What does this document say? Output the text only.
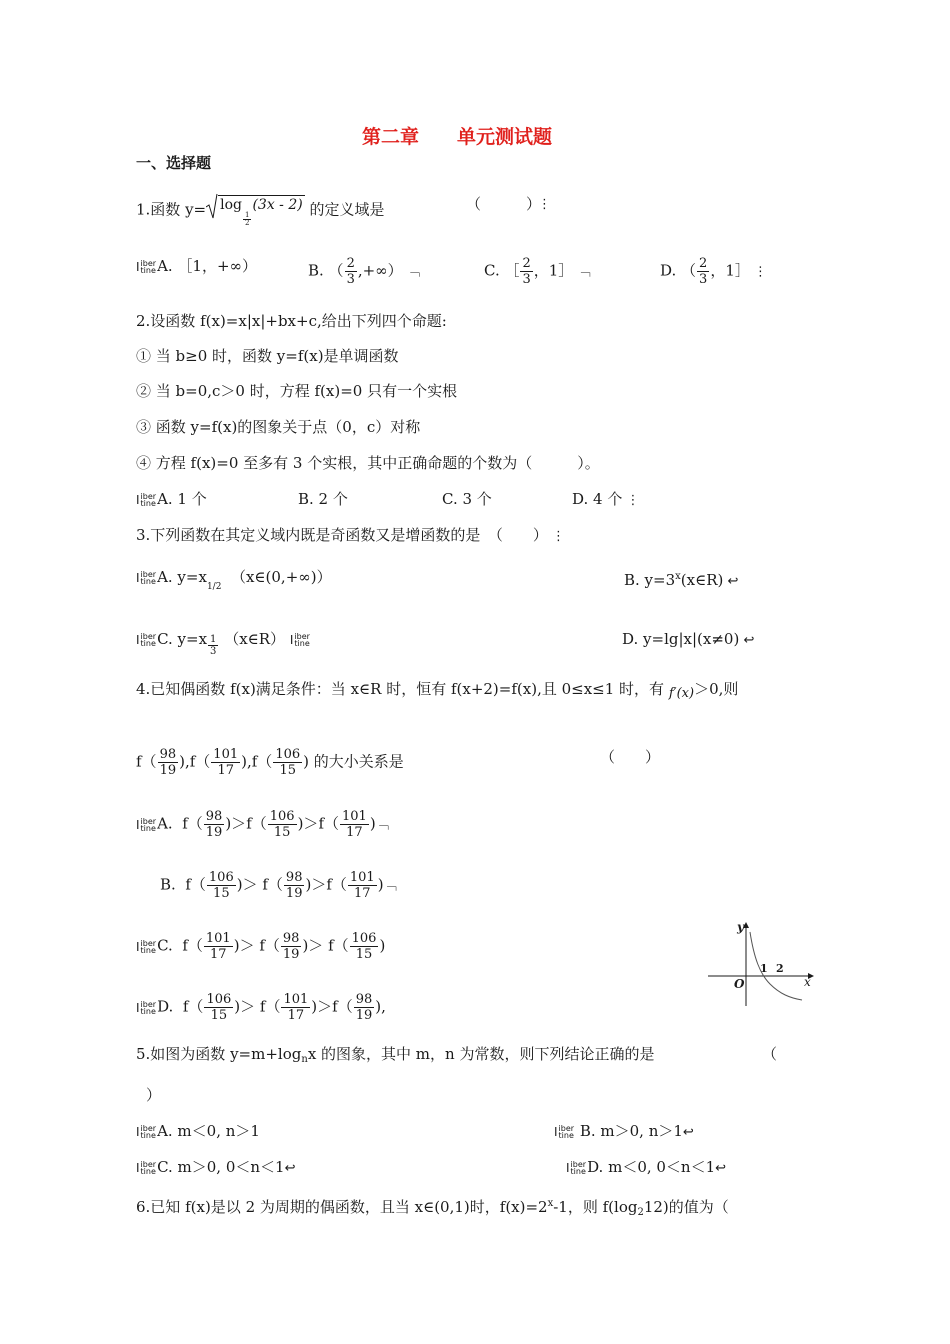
第二章　　单元测试题
一、选择题
1.函数 y= log
$\frac{1}{2}$
(3x - 2) 的定义域是	（　　　）
⋮
I iber
tine A. ［1，+∞）	B. （ $\frac{2}{3}$ ,+∞） ﹁	C. ［ $\frac{2}{3}$ ，1］ ﹁	D. （ $\frac{2}{3}$ ，1］ ⋮
2.设函数 f(x)=x|x|+bx+c,给出下列四个命题:
① 当 b≥0 时，函数 y=f(x)是单调函数
② 当 b=0,c＞0 时，方程 f(x)=0 只有一个实根
③ 函数 y=f(x)的图象关于点（0，c）对称
④ 方程 f(x)=0 至多有 3 个实根，其中正确命题的个数为（　　　）。
I iber
tine A. 1 个	B. 2 个	C. 3 个	D. 4 个 ⋮
3.下列函数在其定义域内既是奇函数又是增函数的是　（　　） ⋮
I iber
tine A. $y=x_{1/2}$  （x∈(0,+∞)）	B. $y=3^x(x\in R)$ ↩
I iber
tine C. $y=x \frac{1}{3}$ （x∈R） I iber
tine	D. y=lg|x|(x≠0) ↩
4.已知偶函数 f(x)满足条件：当 x∈R 时，恒有 f(x+2)=f(x),且 0≤x≤1 时，有 f′(x)＞0,则
$f( \frac{98}{19} ),f( \frac{101}{17} ),f( \frac{106}{15}$ ) 的大小关系是	（　　）
I iber
tine A. $f( \frac{98}{19} )>f( \frac{106}{15} )>f( \frac{101}{17}$ )﹁
B. $f( \frac{106}{15}$ )＞ $f( \frac{98}{19} )>f( \frac{101}{17}$ )﹁
I iber
tine C. $f( \frac{101}{17}$ )＞ $f( \frac{98}{19}$ )＞ $f( \frac{106}{15}$ )
I iber
tine D. $f( \frac{106}{15}$ )＞ $f( \frac{101}{17} )>f( \frac{98}{19}$ ),
y
x
O
1 2
5.如图为函数 $y=m+\log_nx$ 的图象，其中 m，n 为常数，则下列结论正确的是	（
）
I iber
tine A. m＜0, n＞1	I iber
tine B. m＞0, n＞1↩
I iber
tine C. m＞0, 0＜n＜1↩	I iber
tine D. m＜0, 0＜n＜1↩
6.已知 f(x)是以 2 为周期的偶函数，且当 x∈(0,1)时，$f(x)=2^x-1$，则 $f(\log_212)$的值为（
